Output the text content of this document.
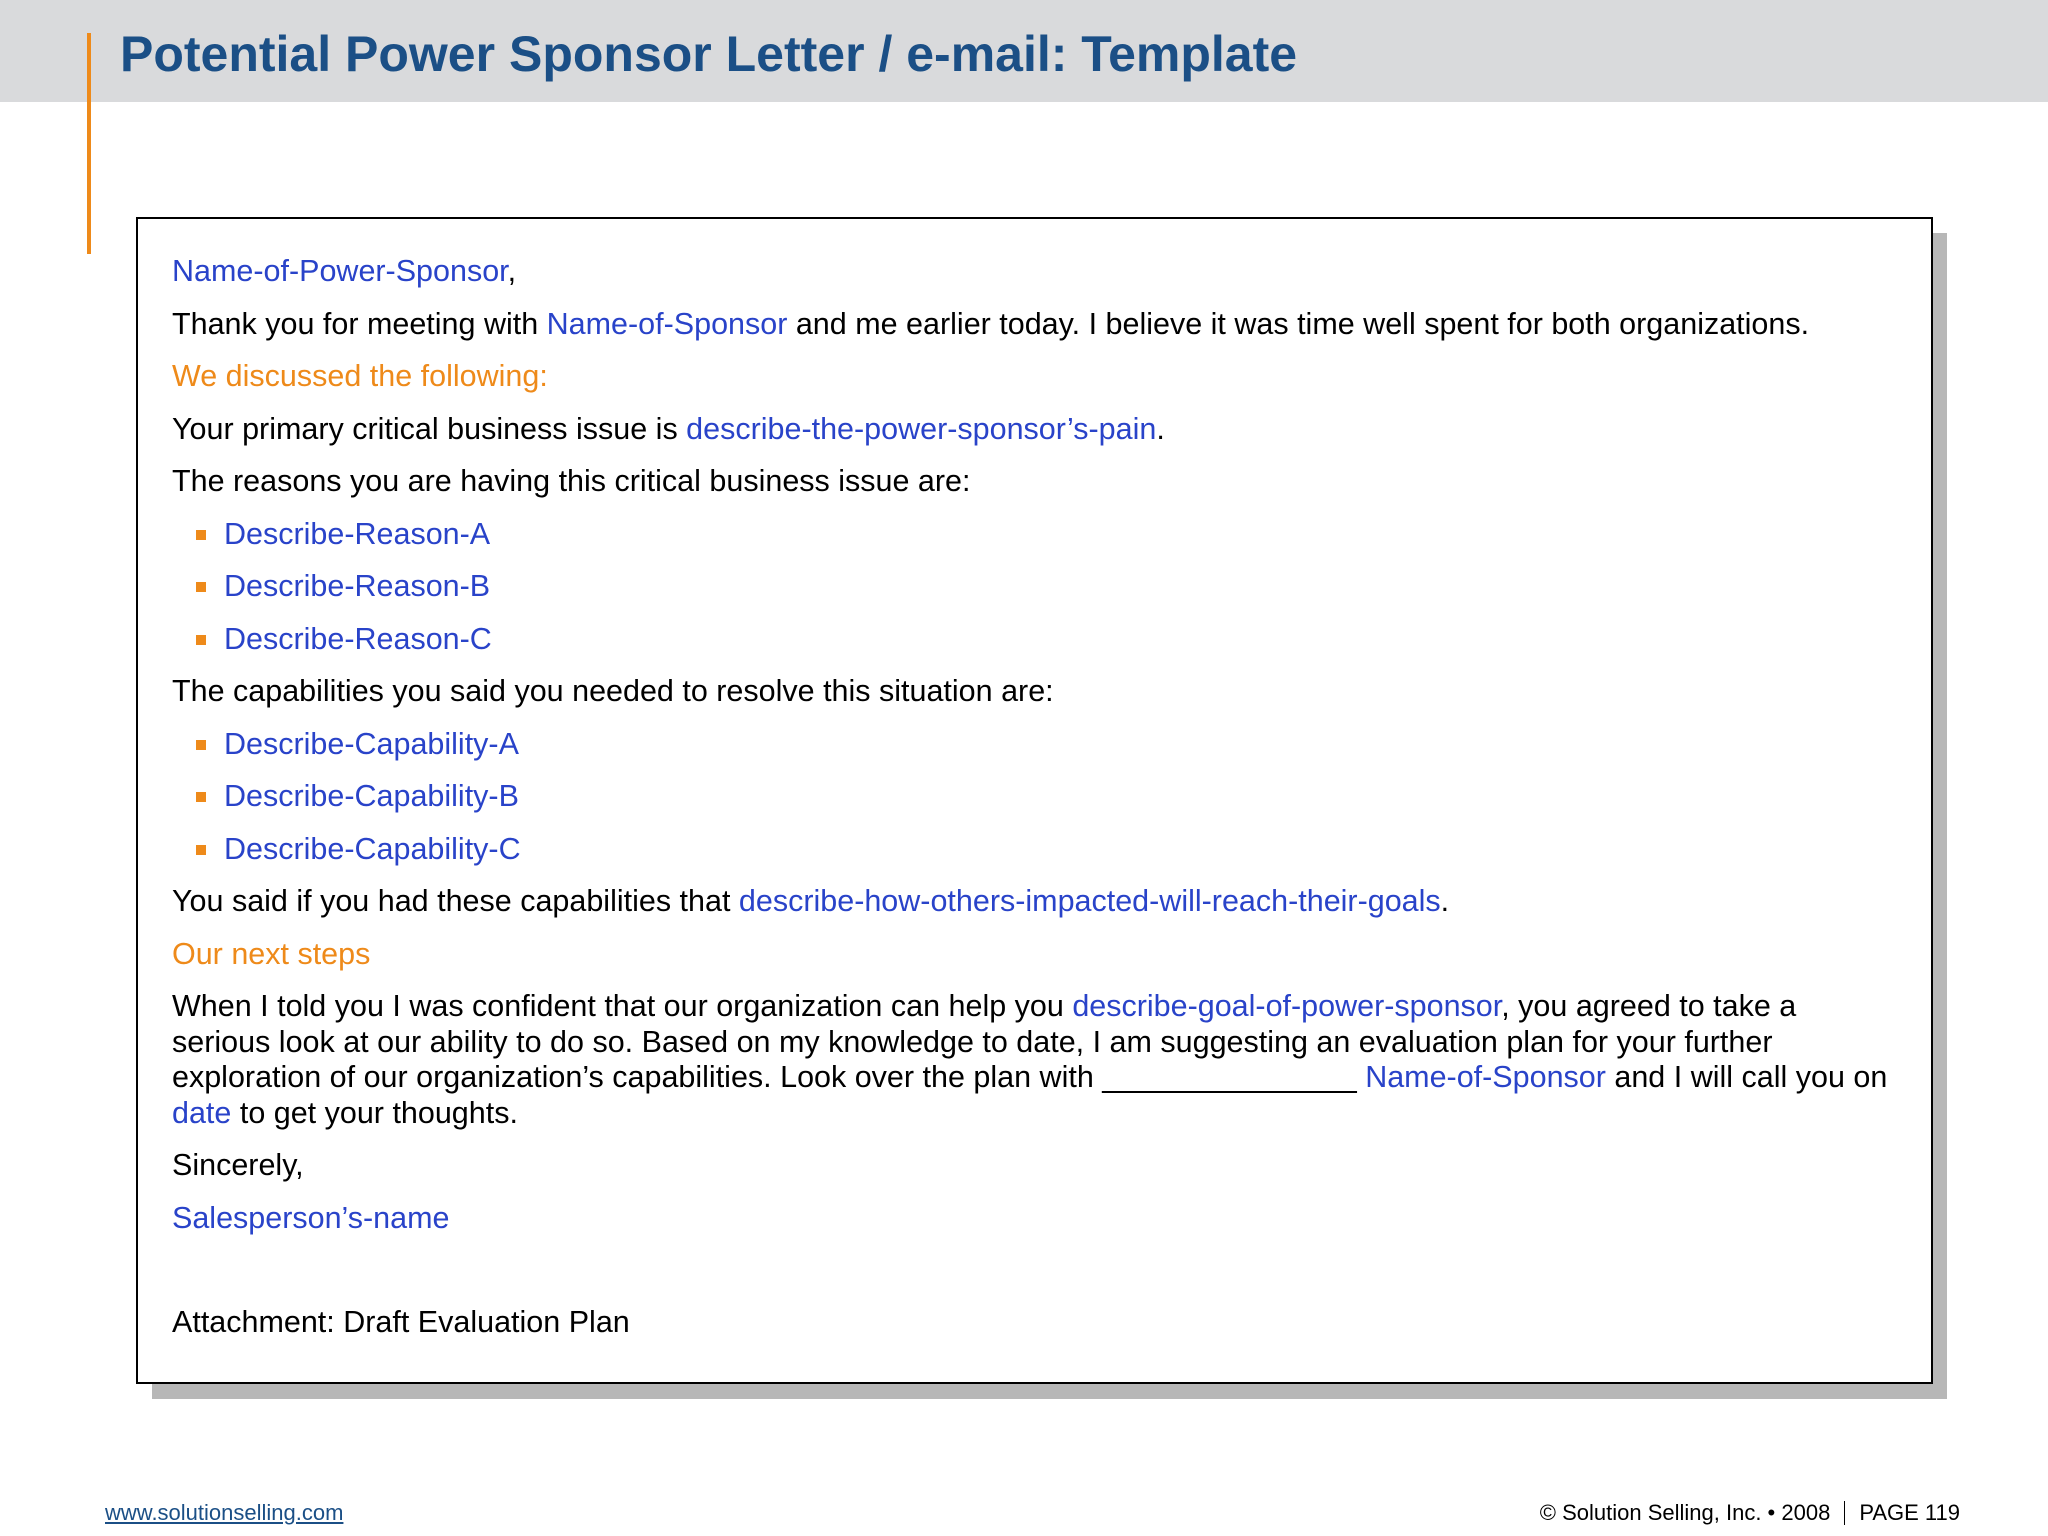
Potential Power Sponsor Letter / e-mail: Template

Name-of-Power-Sponsor,

Thank you for meeting with Name-of-Sponsor and me earlier today. I believe it was time well spent for both organizations.

We discussed the following:

Your primary critical business issue is describe-the-power-sponsor’s-pain.

The reasons you are having this critical business issue are:

Describe-Reason-A
Describe-Reason-B
Describe-Reason-C

The capabilities you said you needed to resolve this situation are:

Describe-Capability-A
Describe-Capability-B
Describe-Capability-C

You said if you had these capabilities that describe-how-others-impacted-will-reach-their-goals.

Our next steps

When I told you I was confident that our organization can help you describe-goal-of-power-sponsor, you agreed to take a serious look at our ability to do so. Based on my knowledge to date, I am suggesting an evaluation plan for your further exploration of our organization’s capabilities. Look over the plan with _______________ Name-of-Sponsor and I will call you on date to get your thoughts.

Sincerely,

Salesperson’s-name

Attachment: Draft Evaluation Plan

www.solutionselling.com	© Solution Selling, Inc. • 2008 PAGE 119
